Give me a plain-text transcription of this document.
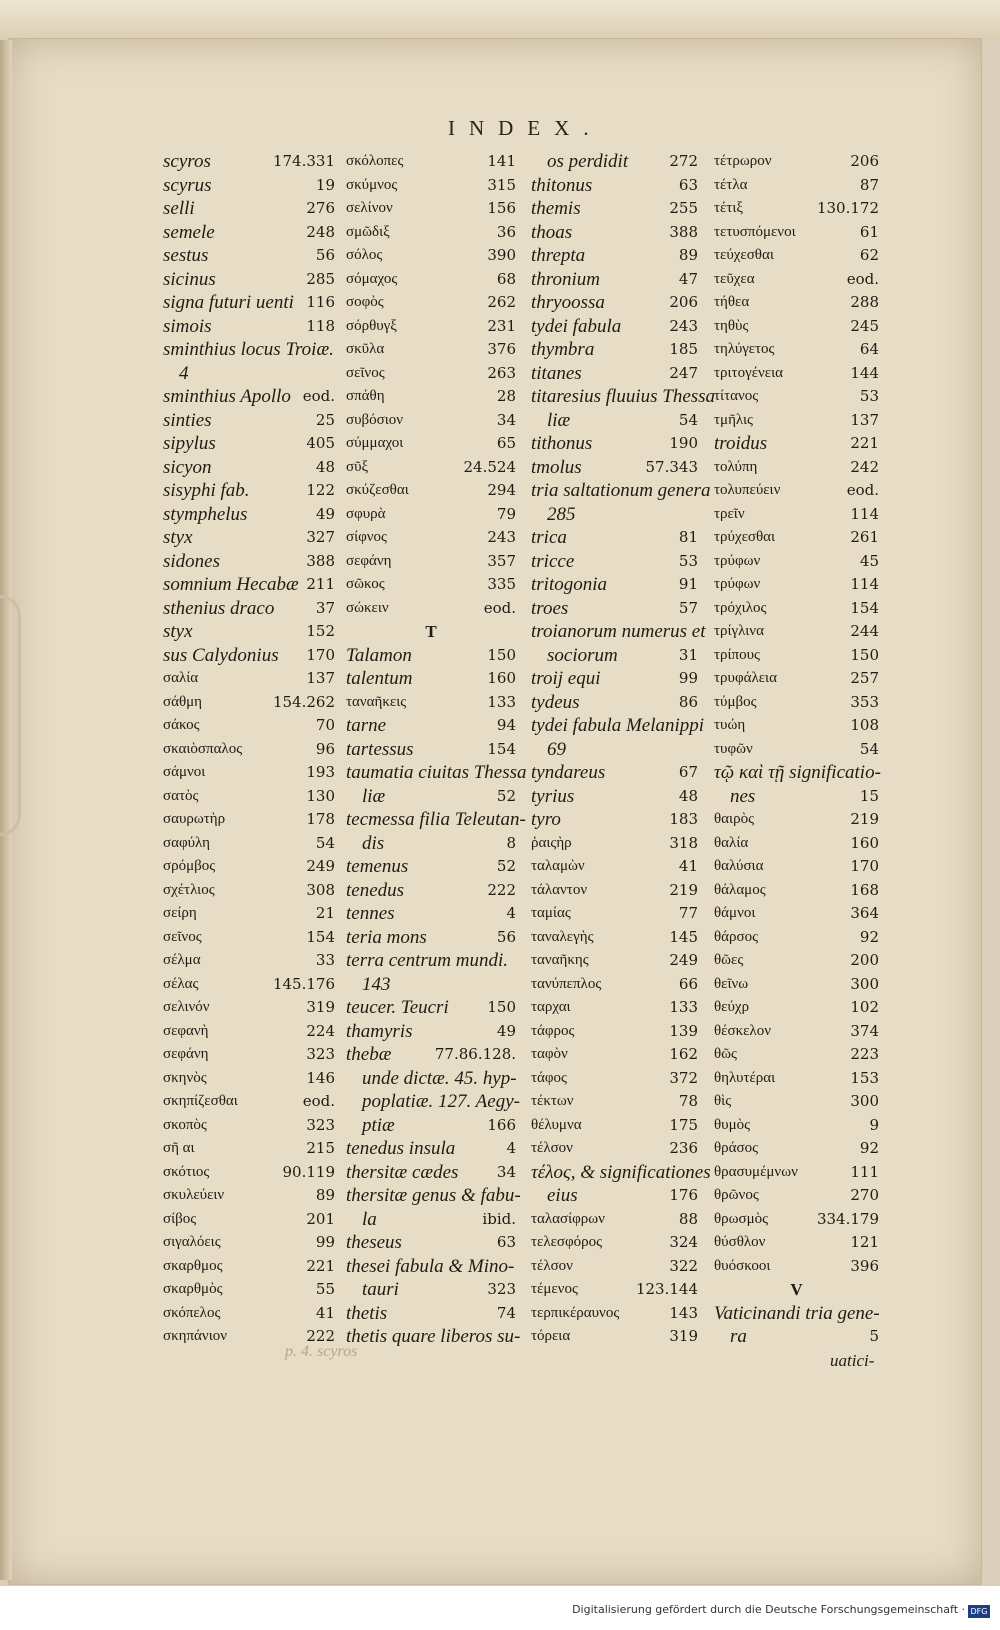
INDEX.
scyros	174.331
scyrus	19
selli	276
semele	248
sestus	56
sicinus	285
signa futuri uenti 116
simois	118
sminthius locus Troiæ.
4
sminthius Apollo eod.
sinties	25
sipylus	405
sicyon	48
sisyphi fab.	122
stymphelus	49
styx	327
sidones	388
somnium Hecabæ 211
sthenius draco	37
styx	152
sus Calydonius 170
σαλία	137
σάθμη	154.262
σάκος	70
σκαιὸσπαλος	96
σάμνοι	193
σατὸς	130
σαυρωτὴρ	178
σαφύλη	54
σρόμβος	249
σχέτλιος	308
σείρη	21
σεῖνος	154
σέλμα	33
σέλας	145.176
σελινόν	319
σεφανὴ	224
σεφάνη	323
σκηνὸς	146
σκηπίζεσθαι	eod.
σκοπὸς	323
σῆ αι	215
σκότιος	90.119
σκυλεύειν	89
σίβος	201
σιγαλόεις	99
σκαρθμος	221
σκαρθμὸς	55
σκόπελος	41
σκηπάνιον	222
σκόλοπες	141
σκύμνος	315
σελίνον	156
σμῶδιξ	36
σόλος	390
σόμαχος	68
σοφὸς	262
σόρθυγξ	231
σκῦλα	376
σεῖνος	263
σπάθη	28
συβόσιον	34
σύμμαχοι	65
σῦξ	24.524
σκύζεσθαι	294
σφυρὰ	79
σίφνος	243
σεφάνη	357
σῶκος	335
σώκειν	eod.
T
Talamon	150
talentum	160
ταναῆκεις	133
tarne	94
tartessus	154
taumatia ciuitas Thessa
liæ	52
tecmessa filia Teleutan-
dis	8
temenus	52
tenedus	222
tennes	4
teria mons	56
terra centrum mundi.
143
teucer. Teucri	150
thamyris	49
thebæ	77.86.128.
unde dictæ. 45. hyp-
poplatiæ. 127. Aegy-
ptiæ	166
tenedus insula	4
thersitæ cædes	34
thersitæ genus & fabu-
la	ibid.
theseus	63
thesei fabula & Mino-
tauri	323
thetis	74
thetis quare liberos su-
os perdidit	272
thitonus	63
themis	255
thoas	388
threpta	89
thronium	47
thryoossa	206
tydei fabula	243
thymbra	185
titanes	247
titaresius fluuius Thessa
liæ	54
tithonus	190
tmolus	57.343
tria saltationum genera
285
trica	81
tricce	53
tritogonia	91
troes	57
troianorum numerus et
sociorum	31
troij equi	99
tydeus	86
tydei fabula Melanippi
69
tyndareus	67
tyrius	48
tyro	183
ῥαιςὴρ	318
ταλαμὼν	41
τάλαντον	219
ταμίας	77
ταναλεγὴς	145
ταναῆκης	249
τανύπεπλος	66
ταρχαι	133
τάφρος	139
ταφὸν	162
τάφος	372
τέκτων	78
θέλυμνα	175
τέλσον	236
τέλος, & significationes
eius	176
ταλασίφρων	88
τελεσφόρος	324
τέλσον	322
τέμενος	123.144
τερπικέραυνος	143
τόρεια	319
τέτρωρον	206
τέτλα	87
τέτιξ	130.172
τετυσπόμενοι	61
τεύχεσθαι	62
τεῦχεα	eod.
τήθεα	288
τηθὺς	245
τηλύγετος	64
τριτογένεια	144
τίτανος	53
τμῆλις	137
troidus	221
τολύπη	242
τολυπεύειν	eod.
τρεῖν	114
τρύχεσθαι	261
τρύφων	45
τρύφων	114
τρόχιλος	154
τρίγλινα	244
τρίπους	150
τρυφάλεια	257
τύμβος	353
τυώη	108
τυφῶν	54
τῷ καὶ τῇ significatio-
nes	15
θαιρὸς	219
θαλία	160
θαλύσια	170
θάλαμος	168
θάμνοι	364
θάρσος	92
θῶες	200
θεῖνω	300
θεύχρ	102
θέσκελον	374
θῶς	223
θηλυτέραι	153
θὶς	300
θυμὸς	9
θράσος	92
θρασυμέμνων	111
θρῶνος	270
θρωσμὸς	334.179
θύσθλον	121
θυόσκοοι	396
V
Vaticinandi tria gene-
ra	5
p. 4. scyros	uatici-
Digitalisierung gefördert durch die Deutsche Forschungsgemeinschaft · DFG
